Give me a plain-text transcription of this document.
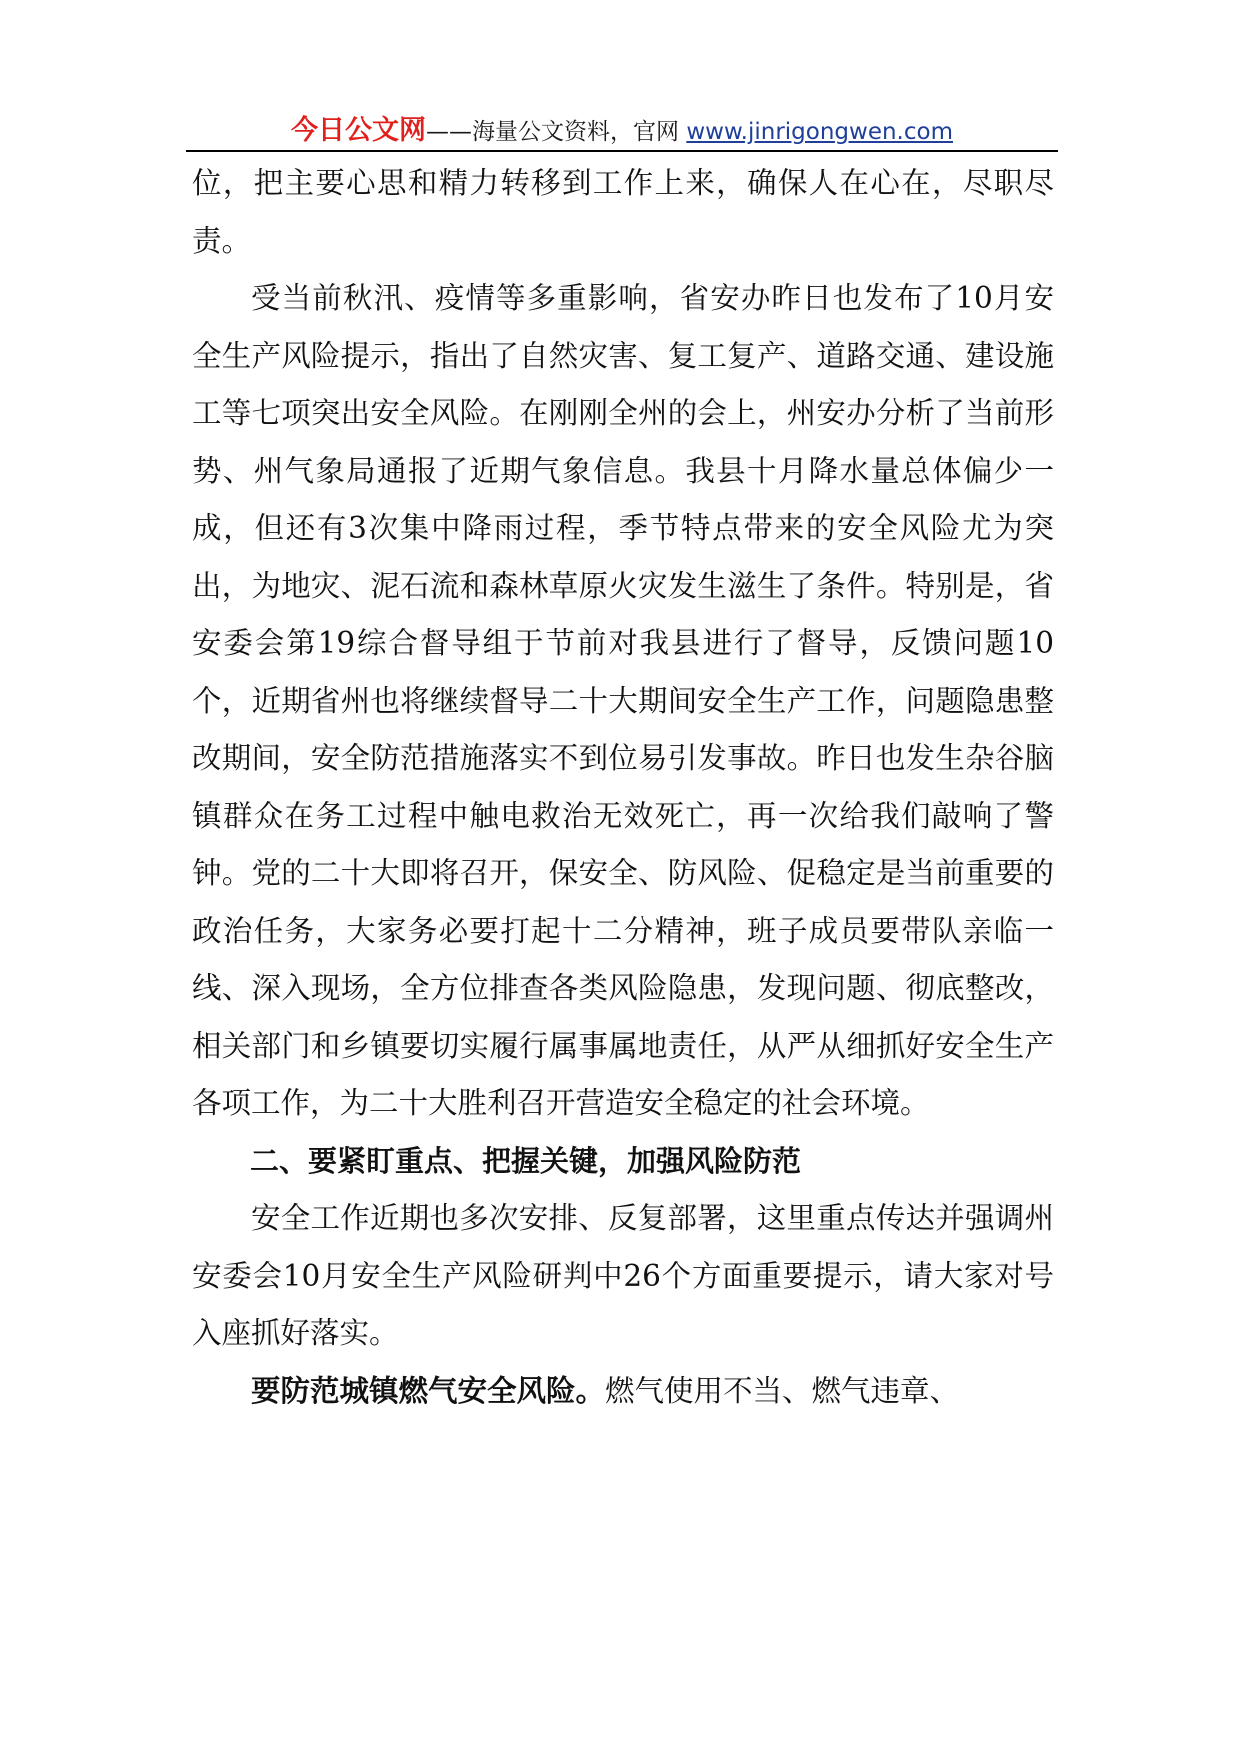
今日公文网——海量公文资料，官网 www.jinrigongwen.com

位，把主要心思和精力转移到工作上来，确保人在心在，尽职尽责。

受当前秋汛、疫情等多重影响，省安办昨日也发布了10月安全生产风险提示，指出了自然灾害、复工复产、道路交通、建设施工等七项突出安全风险。在刚刚全州的会上，州安办分析了当前形势、州气象局通报了近期气象信息。我县十月降水量总体偏少一成，但还有3次集中降雨过程，季节特点带来的安全风险尤为突出，为地灾、泥石流和森林草原火灾发生滋生了条件。特别是，省安委会第19综合督导组于节前对我县进行了督导，反馈问题10个，近期省州也将继续督导二十大期间安全生产工作，问题隐患整改期间，安全防范措施落实不到位易引发事故。昨日也发生杂谷脑镇群众在务工过程中触电救治无效死亡，再一次给我们敲响了警钟。党的二十大即将召开，保安全、防风险、促稳定是当前重要的政治任务，大家务必要打起十二分精神，班子成员要带队亲临一线、深入现场，全方位排查各类风险隐患，发现问题、彻底整改，相关部门和乡镇要切实履行属事属地责任，从严从细抓好安全生产各项工作，为二十大胜利召开营造安全稳定的社会环境。

二、要紧盯重点、把握关键，加强风险防范

安全工作近期也多次安排、反复部署，这里重点传达并强调州安委会10月安全生产风险研判中26个方面重要提示，请大家对号入座抓好落实。

要防范城镇燃气安全风险。燃气使用不当、燃气违章、
